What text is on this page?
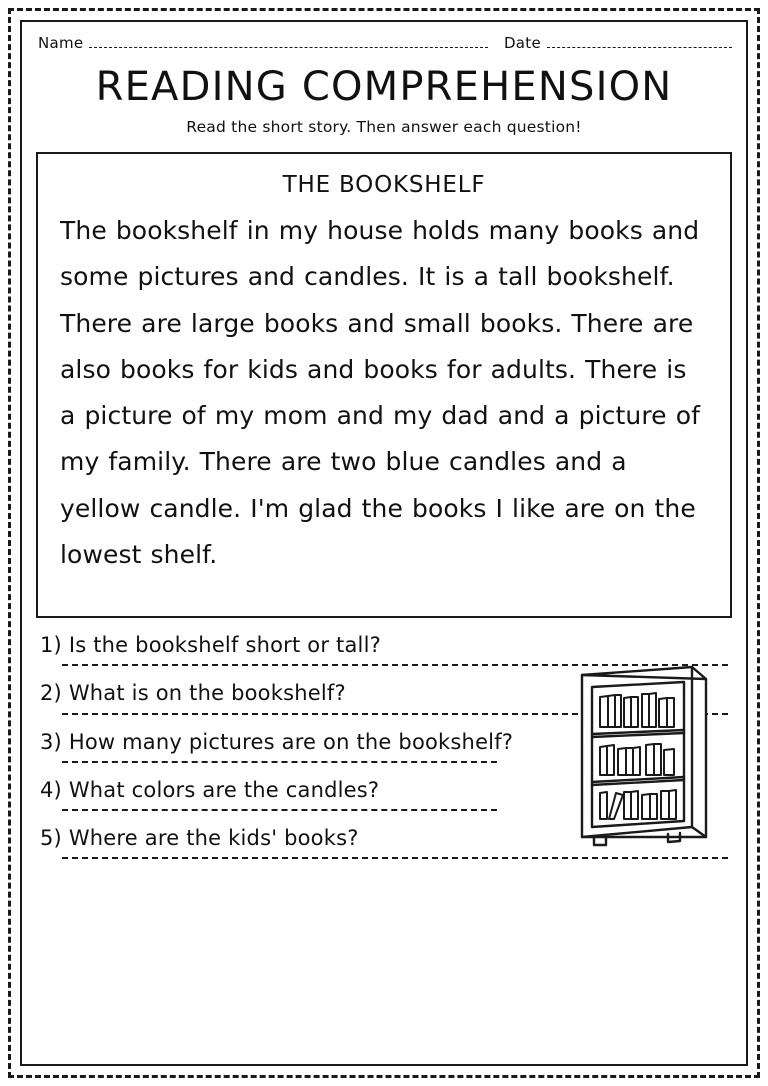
Name	Date
READING COMPREHENSION

Read the short story. Then answer each question!

THE BOOKSHELF
The bookshelf in my house holds many books and some pictures and candles. It is a tall bookshelf. There are large books and small books. There are also books for kids and books for adults. There is a picture of my mom and my dad and a picture of my family. There are two blue candles and a yellow candle. I'm glad the books I like are on the lowest shelf.
1) Is the bookshelf short or tall?
2) What is on the bookshelf?
3) How many pictures are on the bookshelf?
4) What colors are the candles?
5) Where are the kids' books?
